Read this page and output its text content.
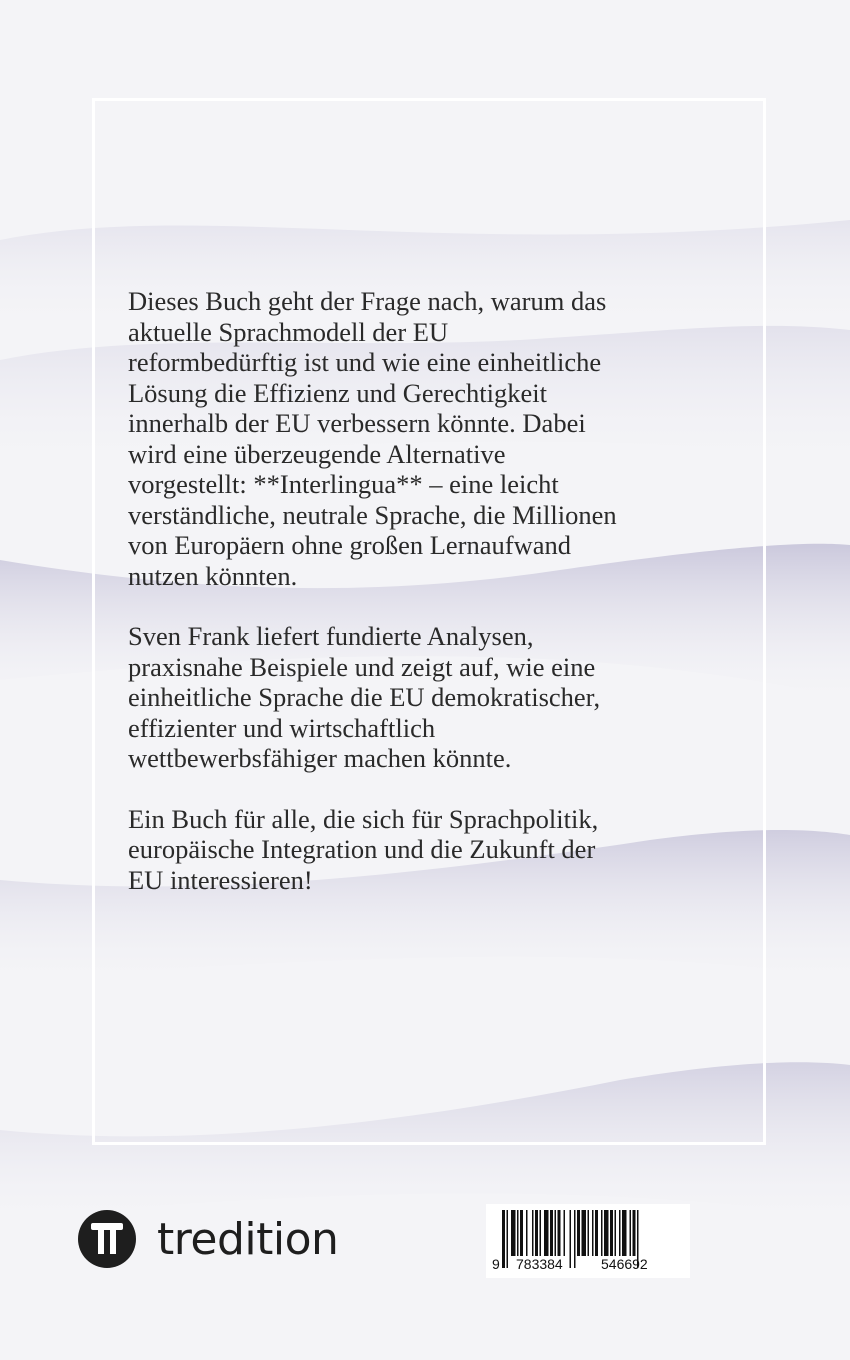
Dieses Buch geht der Frage nach, warum das
aktuelle Sprachmodell der EU
reformbedürftig ist und wie eine einheitliche
Lösung die Effizienz und Gerechtigkeit
innerhalb der EU verbessern könnte. Dabei
wird eine überzeugende Alternative
vorgestellt: **Interlingua** – eine leicht
verständliche, neutrale Sprache, die Millionen
von Europäern ohne großen Lernaufwand
nutzen könnten.

Sven Frank liefert fundierte Analysen,
praxisnahe Beispiele und zeigt auf, wie eine
einheitliche Sprache die EU demokratischer,
effizienter und wirtschaftlich
wettbewerbsfähiger machen könnte.

Ein Buch für alle, die sich für Sprachpolitik,
europäische Integration und die Zukunft der
EU interessieren!

tredition	9 783384	546692
